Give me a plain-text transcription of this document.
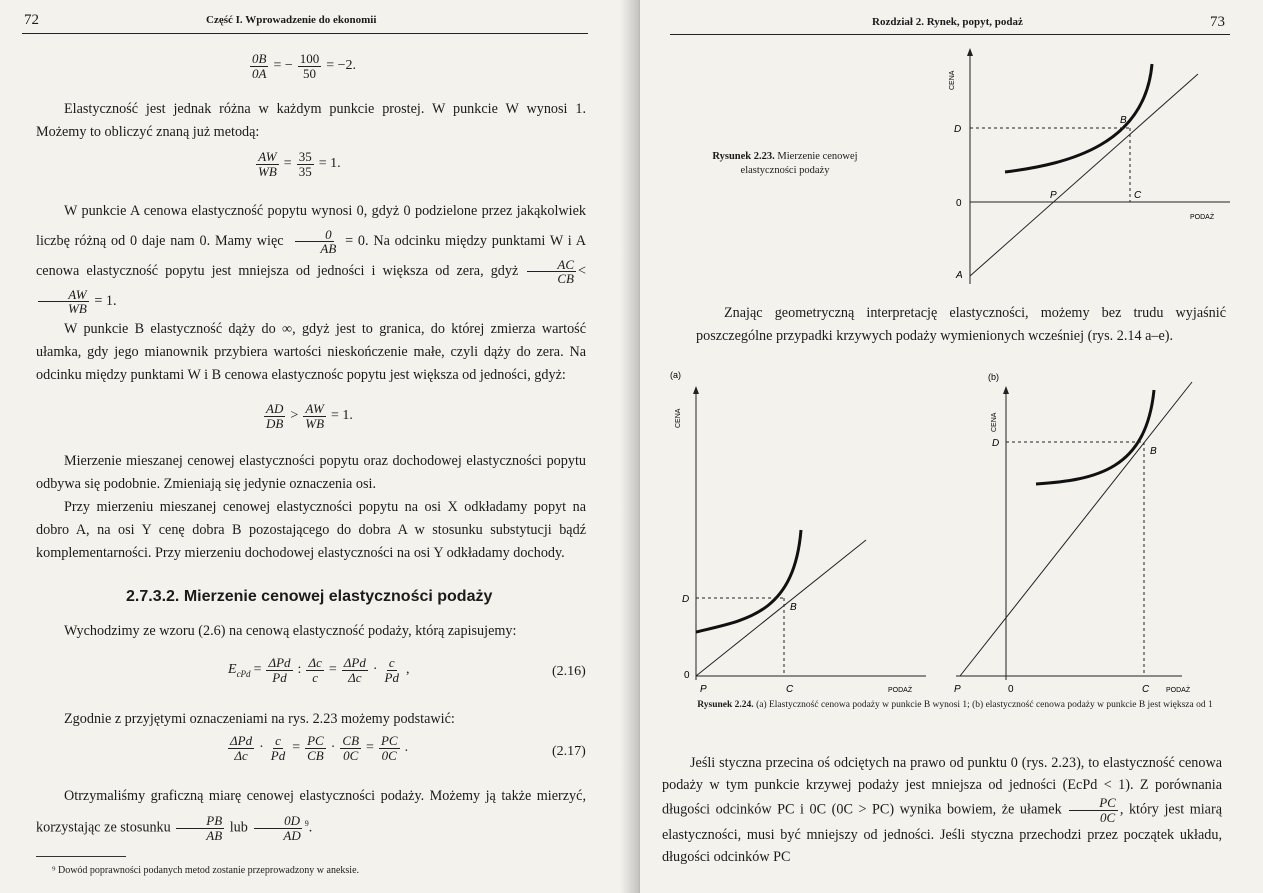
72	Część I. Wprowadzenie do ekonomii
$\frac{0B}{0A}$ = − $\frac{100}{50} = -2$.

Elastyczność jest jednak różna w każdym punkcie prostej. W punkcie W wynosi 1. Możemy to obliczyć znaną już metodą:

$\frac{AW}{WB} = \frac{35}{35} = 1$.

W punkcie A cenowa elastyczność popytu wynosi 0, gdyż 0 podzielone przez jakąkolwiek liczbę różną od 0 daje nam 0. Mamy więc $\frac{0}{AB} = 0$. Na odcinku między punktami W i A cenowa elastyczność popytu jest mniejsza od jedności i większa od zera, gdyż $\frac{AC}{CB}$ <
$\frac{AW}{WB} = 1$.

W punkcie B elastyczność dąży do ∞, gdyż jest to granica, do której zmierza wartość ułamka, gdy jego mianownik przybiera wartości nieskończenie małe, czyli dąży do zera. Na odcinku między punktami W i B cenowa elastycznośc popytu jest większa od jedności, gdyż:

$\frac{AD}{DB} > \frac{AW}{WB} = 1$.

Mierzenie mieszanej cenowej elastyczności popytu oraz dochodowej elastyczności popytu odbywa się podobnie. Zmieniają się jedynie oznaczenia osi.

Przy mierzeniu mieszanej cenowej elastyczności popytu na osi X odkładamy popyt na dobro A, na osi Y cenę dobra B pozostającego do dobra A w stosunku substytucji bądź komplementarności. Przy mierzeniu dochodowej elastyczności na osi Y odkładamy dochody.

2.7.3.2. Mierzenie cenowej elastyczności podaży

Wychodzimy ze wzoru (2.6) na cenową elastyczność podaży, którą zapisujemy:

$E_{cPd} = \frac{\text{ΔPd}}{Pd}$ : $\frac{\Delta c}{c} = \frac{\text{ΔPd}}{\Delta c} \cdot \frac{c}{Pd}$ ,	(2.16)

Zgodnie z przyjętymi oznaczeniami na rys. 2.23 możemy podstawić:

$\frac{\text{ΔPd}}{\Delta c} \cdot \frac{c}{Pd} = \frac{PC}{CB} \cdot \frac{CB}{0C} = \frac{PC}{0C}$ .	(2.17)

Otrzymaliśmy graficzną miarę cenowej elastyczności podaży. Możemy ją także mierzyć, korzystając ze stosunku $\frac{PB}{AB}$ lub $\frac{0D}{AD} ^9$.

⁹ Dowód poprawności podanych metod zostanie przeprowadzony w aneksie.
Rozdział 2. Rynek, popyt, podaż	73
Rysunek 2.23. Mierzenie cenowej elastyczności podaży
CENA
PODAŻ
D
B
0
P	C
A

Znając geometryczną interpretację elastyczności, możemy bez trudu wyjaśnić poszczególne przypadki krzywych podaży wymienionych wcześniej (rys. 2.14 a–e).

(a)
CENA
PODAŻ
D
B
0
P	C
(b)
CENA
PODAŻ
D
B
0
P	C
Rysunek 2.24. (a) Elastyczność cenowa podaży w punkcie B wynosi 1; (b) elastyczność cenowa podaży w punkcie B jest większa od 1

Jeśli styczna przecina oś odciętych na prawo od punktu 0 (rys. 2.23), to elastyczność cenowa podaży w tym punkcie krzywej podaży jest mniejsza od jedności (EcPd < 1). Z porównania długości odcinków PC i 0C (0C > PC) wynika bowiem, że ułamek $\frac{PC}{0C}$ , który jest miarą elastyczności, musi być mniejszy od jedności. Jeśli styczna przechodzi przez początek układu, długości odcinków PC
